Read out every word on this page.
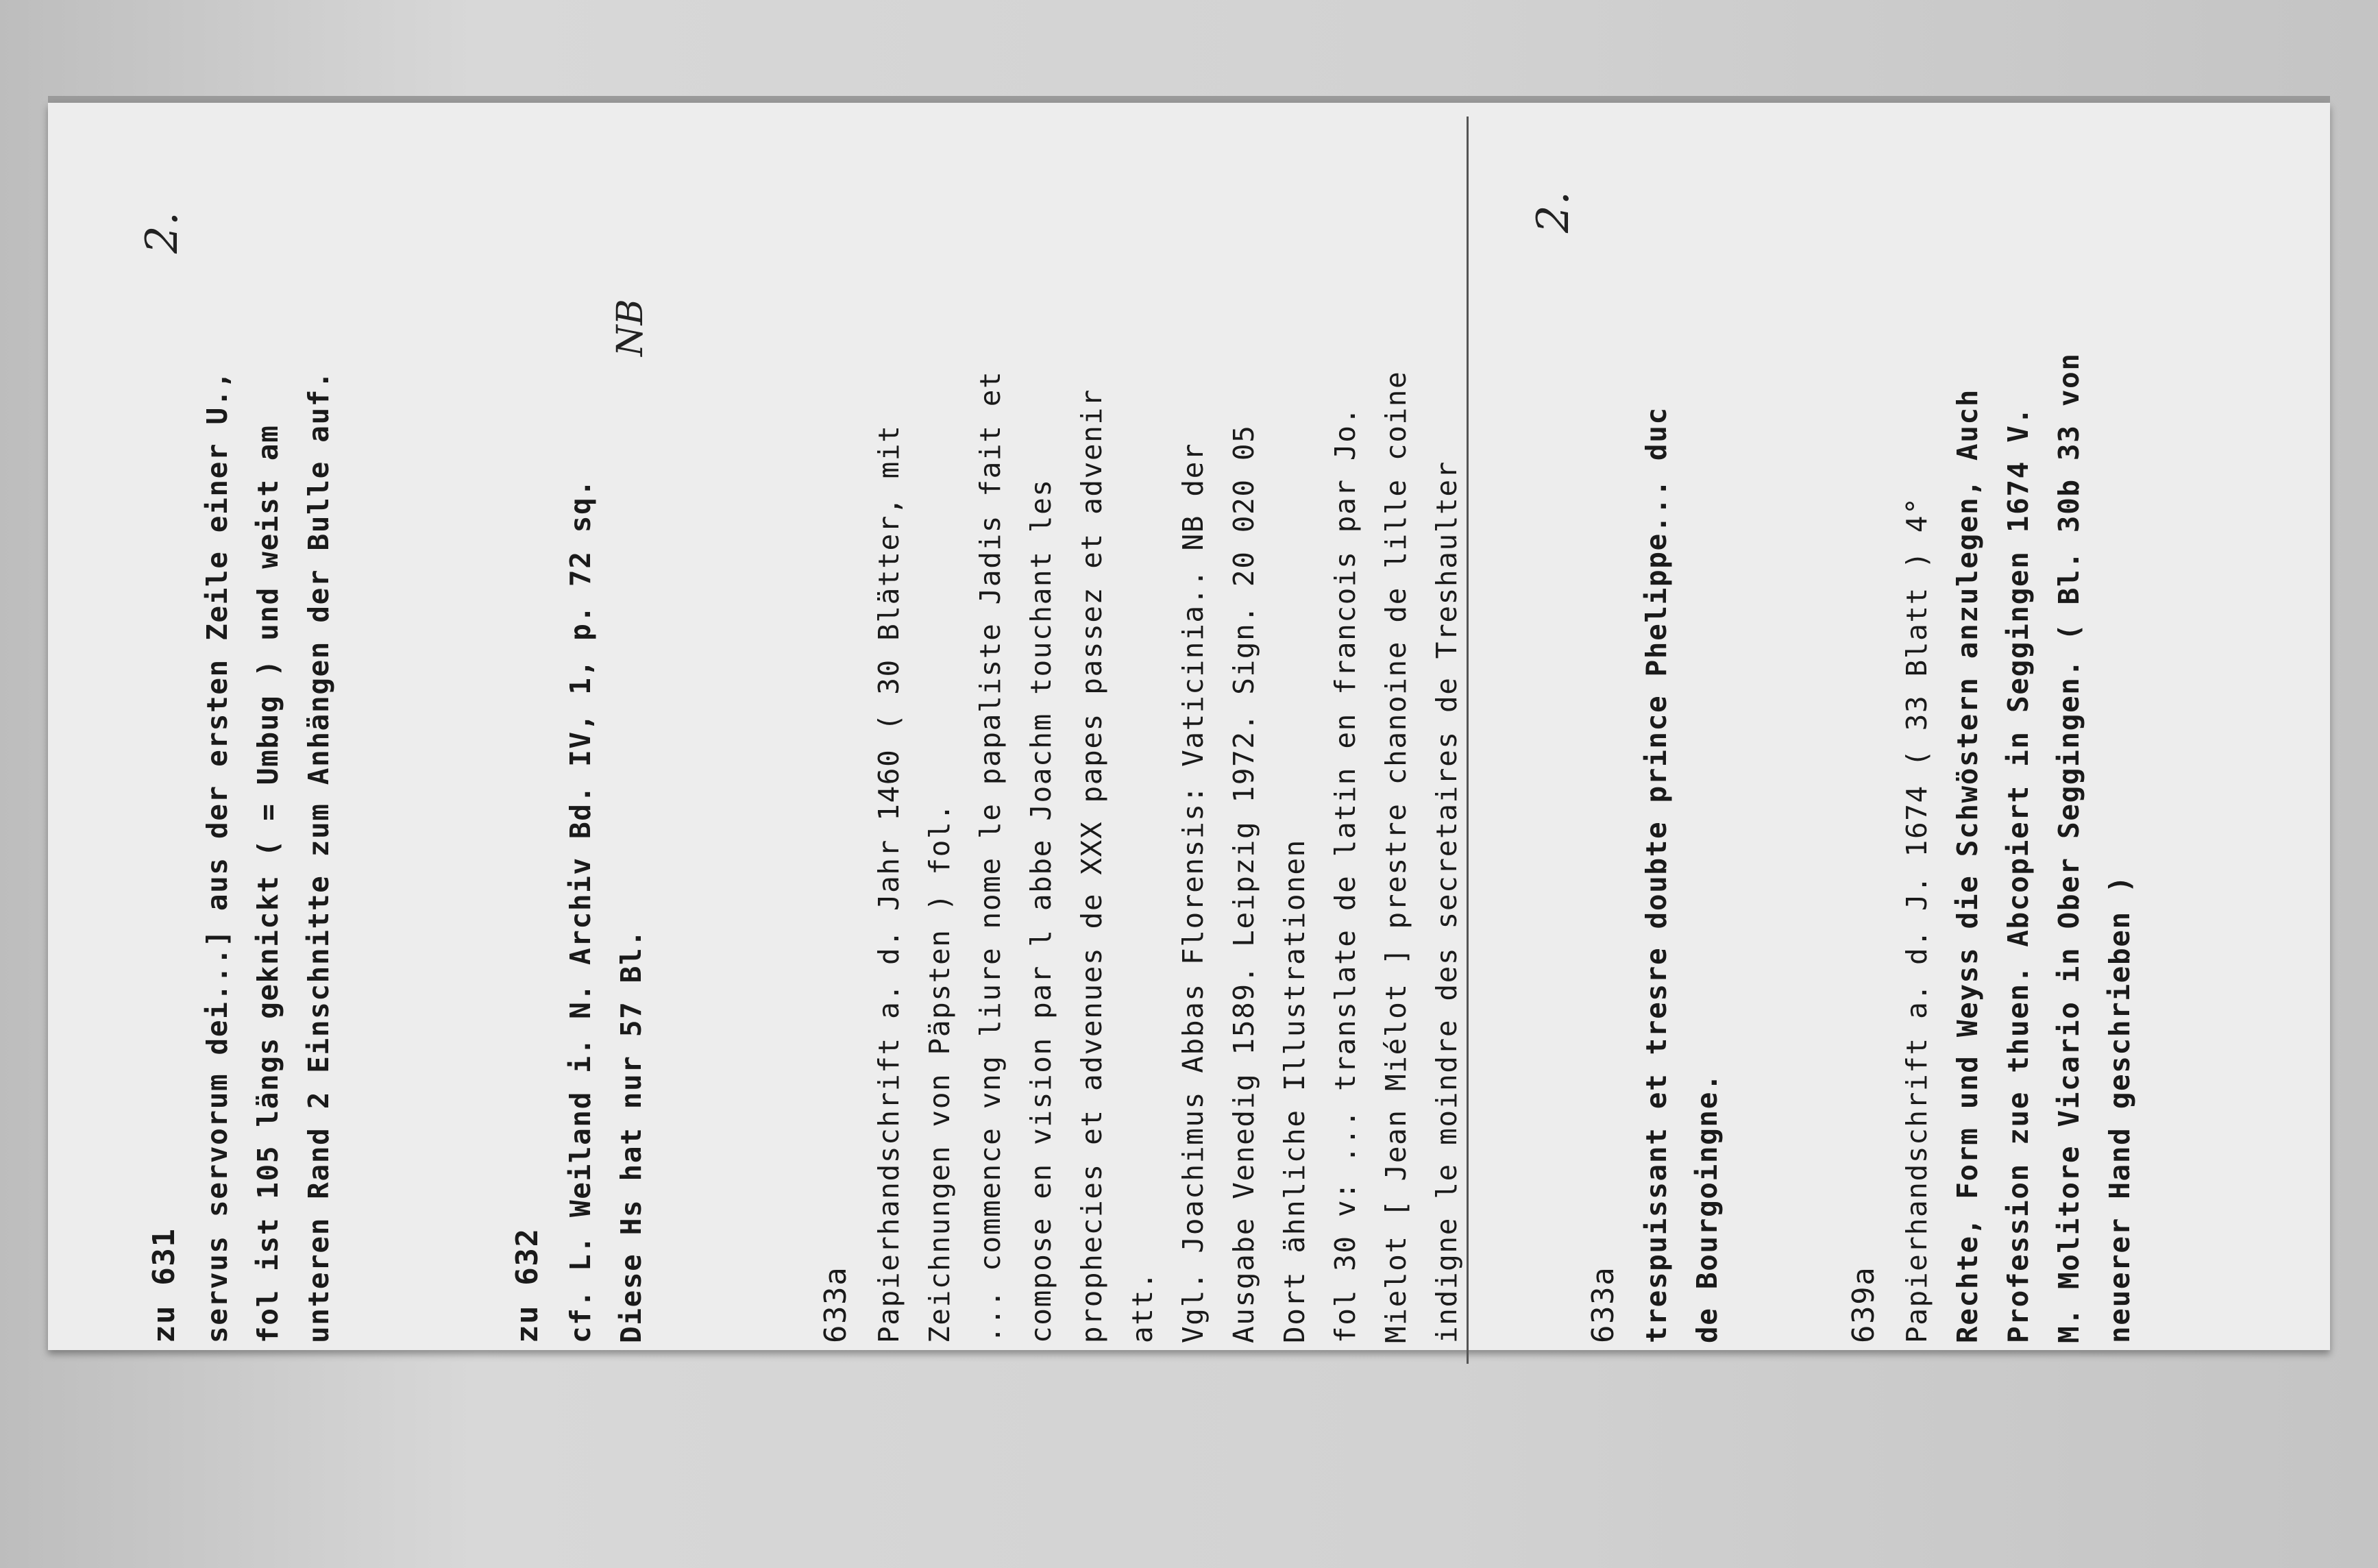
2.	2.
NB
zu 631 servus servorum dei...] aus der ersten Zeile einer U., fol ist 105 längs geknickt ( = Umbug ) und weist am unteren Rand 2 Einschnitte zum Anhängen der Bulle auf.	zu 632 cf. L. Weiland i. N. Archiv Bd. IV, 1, p. 72 sq. Diese Hs hat nur 57 Bl.	633a Papierhandschrift a. d. Jahr 1460 ( 30 Blätter, mit Zeichnungen von Päpsten ) fol. ... commence vng liure nome le papaliste Jadis fait et compose en vision par l abbe Joachm touchant les prophecies et advenues de XXX papes passez et advenir att. Vgl. Joachimus Abbas Florensis: Vaticinia.. NB der Ausgabe Venedig 1589. Leipzig 1972. Sign. 20 020 05 Dort ähnliche Illustrationen fol 30 v: ... translate de latin en francois par Jo. Mielot [ Jean Miélot ] prestre chanoine de lille coine indigne le moindre des secretaires de Treshaulter	633a trespuissant et tresre doubte prince Phelippe... duc de Bourgoingne.	639a Papierhandschrift a. d. J. 1674 ( 33 Blatt ) 4° Rechte, Form und Weyss die Schwöstern anzulegen, Auch Profession zue thuen. Abcopiert in Seggingen 1674 V. M. Molitore Vicario in Ober Seggingen. ( Bl. 30b 33 von neuerer Hand geschrieben )
